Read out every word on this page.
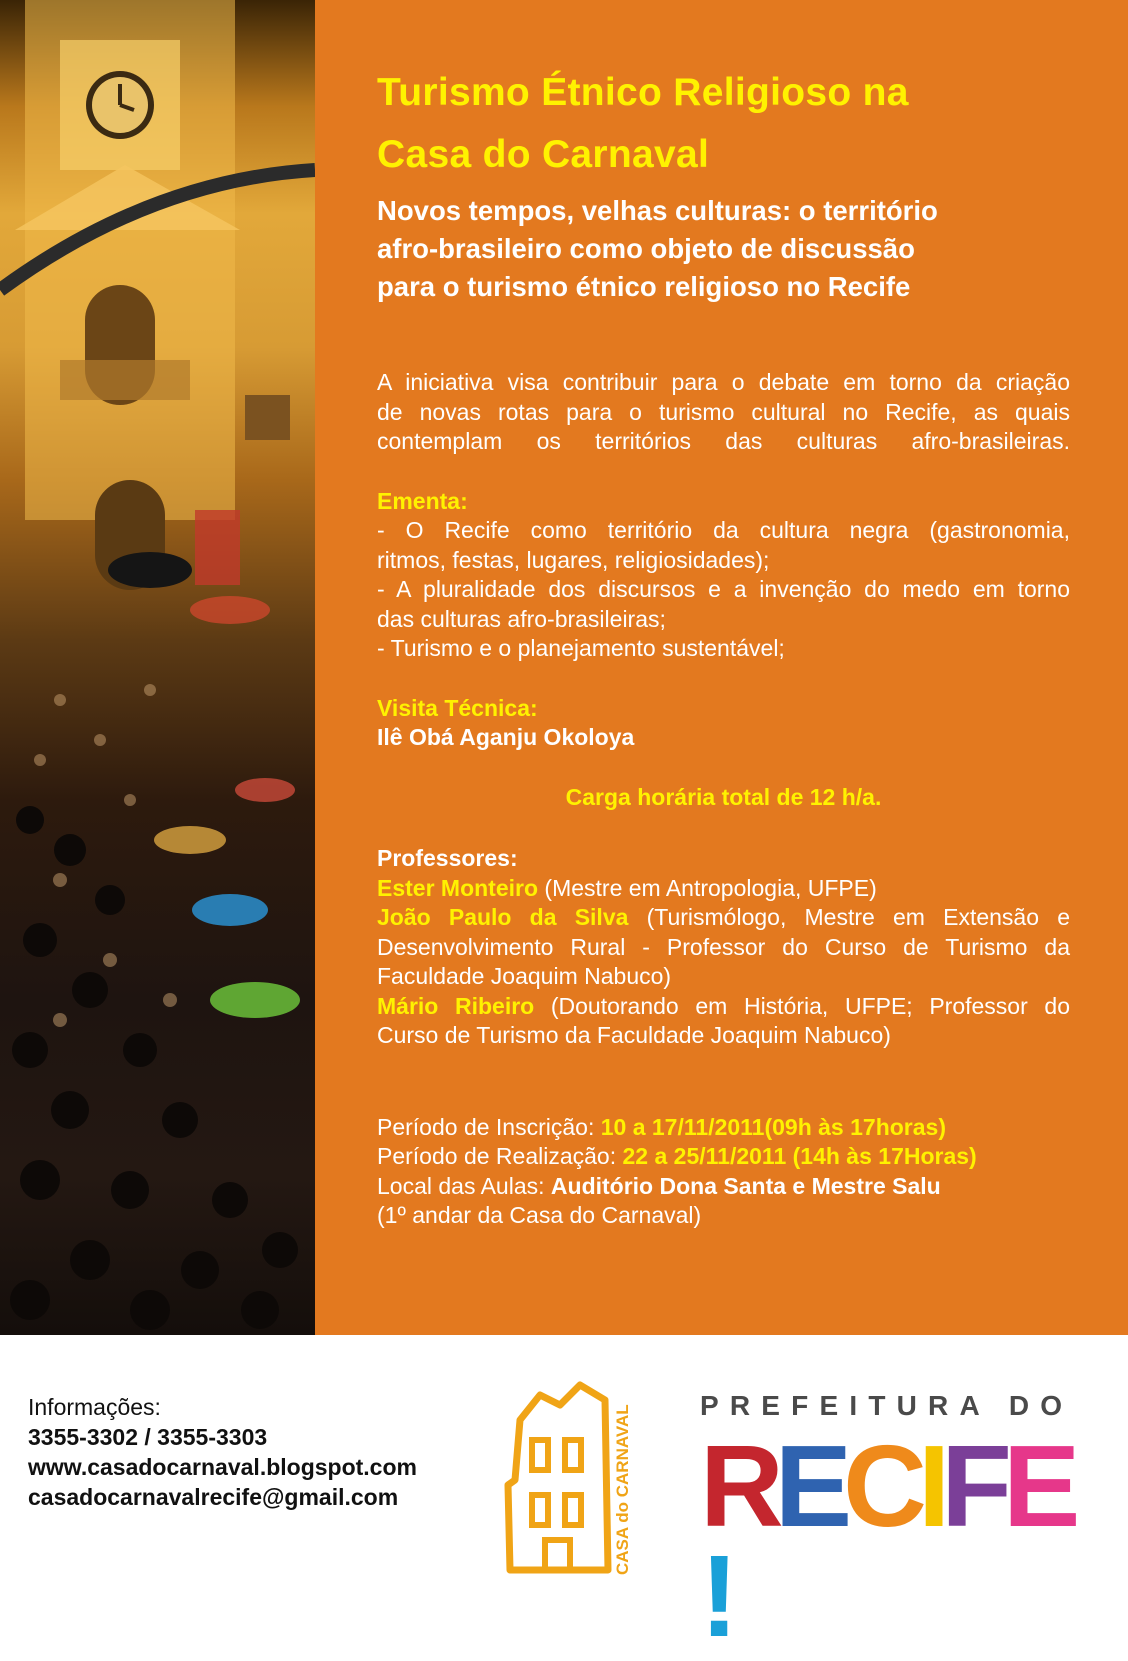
Turismo Étnico Religioso na
Casa do Carnaval

Novos tempos, velhas culturas: o território
afro-brasileiro como objeto de discussão
para o turismo étnico religioso no Recife

A iniciativa visa contribuir para o debate em torno da criação

de novas rotas para o turismo cultural no Recife, as quais

contemplam os territórios das culturas afro-brasileiras.

Ementa:

- O Recife como território da cultura negra (gastronomia,

ritmos, festas, lugares, religiosidades);

- A pluralidade dos discursos e a invenção do medo em torno

das culturas afro-brasileiras;

- Turismo e o planejamento sustentável;

Visita Técnica:

Ilê Obá Aganju Okoloya

Carga horária total de 12 h/a.

Professores:

Ester Monteiro (Mestre em Antropologia, UFPE)

João Paulo da Silva (Turismólogo, Mestre em Extensão e

Desenvolvimento Rural - Professor do Curso de Turismo da

Faculdade Joaquim Nabuco)

Mário Ribeiro (Doutorando em História, UFPE; Professor do

Curso de Turismo da Faculdade Joaquim Nabuco)

Período de Inscrição: 10 a 17/11/2011(09h às 17horas)

Período de Realização: 22 a 25/11/2011 (14h às 17Horas)

Local das Aulas: Auditório Dona Santa e Mestre Salu

(1º andar da Casa do Carnaval)

Informações:
3355-3302 / 3355-3303
www.casadocarnaval.blogspot.com
casadocarnavalrecife@gmail.com	CASA do CARNAVAL PREFEITURA DO
RECIFE!
